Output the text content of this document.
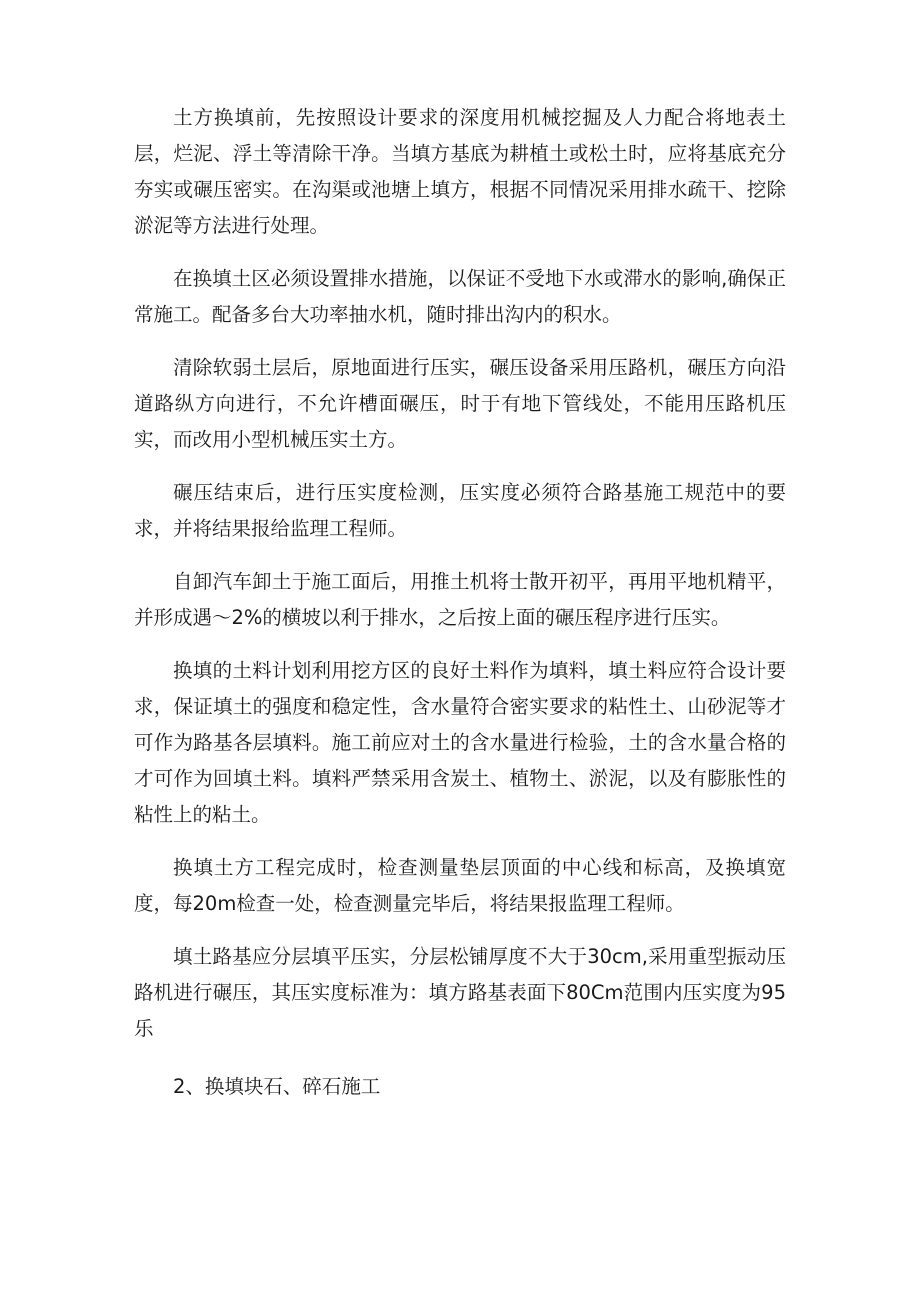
土方换填前，先按照设计要求的深度用机械挖掘及人力配合将地表土层，烂泥、浮土等清除干净。当填方基底为耕植土或松土时，应将基底充分夯实或碾压密实。在沟渠或池塘上填方，根据不同情况采用排水疏干、挖除淤泥等方法进行处理。

在换填土区必须设置排水措施，以保证不受地下水或滞水的影响,确保正常施工。配备多台大功率抽水机，随时排出沟内的积水。

清除软弱土层后，原地面进行压实，碾压设备采用压路机，碾压方向沿道路纵方向进行，不允许槽面碾压，时于有地下管线处，不能用压路机压实，而改用小型机械压实土方。

碾压结束后，进行压实度检测，压实度必须符合路基施工规范中的要求，并将结果报给监理工程师。

自卸汽车卸土于施工面后，用推土机将士散开初平，再用平地机精平，并形成遇～2%的横坡以利于排水，之后按上面的碾压程序进行压实。

换填的土料计划利用挖方区的良好土料作为填料，填土料应符合设计要求，保证填土的强度和稳定性，含水量符合密实要求的粘性土、山砂泥等才可作为路基各层填料。施工前应对土的含水量进行检验，土的含水量合格的才可作为回填土料。填料严禁采用含炭土、植物土、淤泥，以及有膨胀性的粘性上的粘土。

换填土方工程完成时，检查测量垫层顶面的中心线和标高，及换填宽度，每20m检查一处，检查测量完毕后，将结果报监理工程师。

填土路基应分层填平压实，分层松铺厚度不大于30cm,采用重型振动压路机进行碾压，其压实度标准为：填方路基表面下80Cm范围内压实度为95乐

2、换填块石、碎石施工
